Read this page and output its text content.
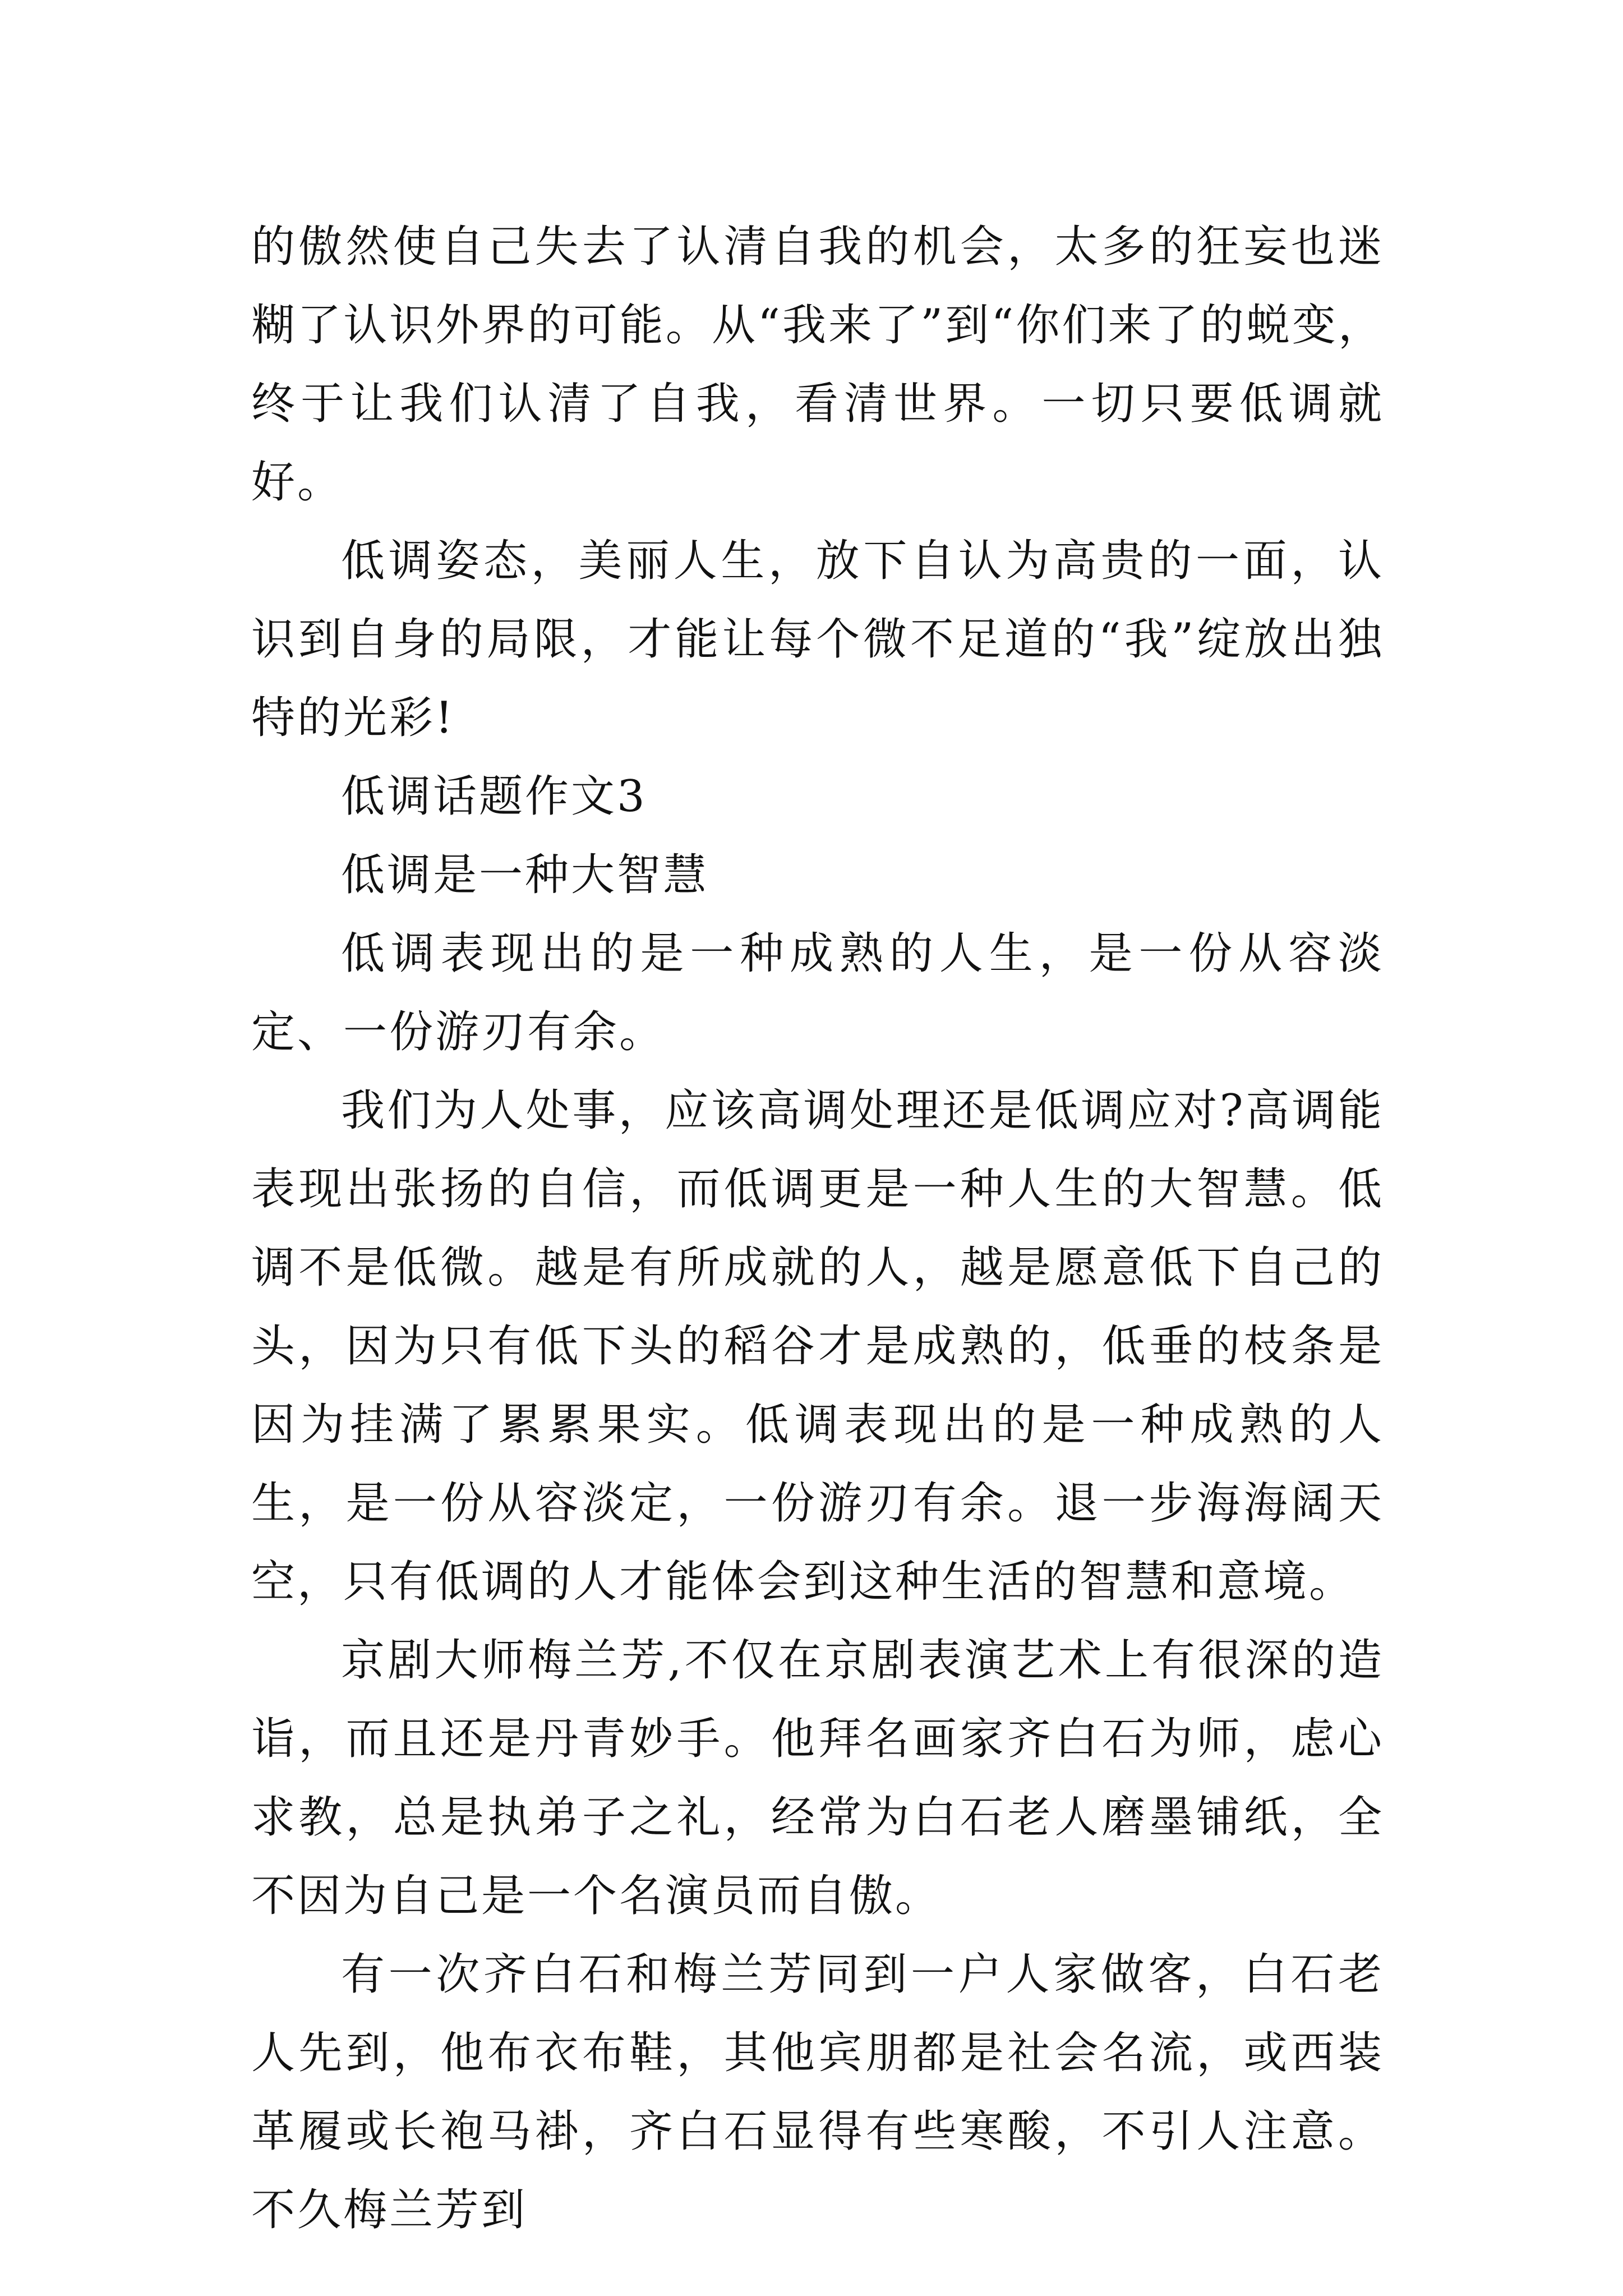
的傲然使自己失去了认清自我的机会，太多的狂妄也迷糊了认识外界的可能。从“我来了”到“你们来了的蜕变，终于让我们认清了自我，看清世界。一切只要低调就好。

低调姿态，美丽人生，放下自认为高贵的一面，认识到自身的局限，才能让每个微不足道的“我”绽放出独特的光彩!

低调话题作文3

低调是一种大智慧

低调表现出的是一种成熟的人生，是一份从容淡定、一份游刃有余。

我们为人处事，应该高调处理还是低调应对?高调能表现出张扬的自信，而低调更是一种人生的大智慧。低调不是低微。越是有所成就的人，越是愿意低下自己的头，因为只有低下头的稻谷才是成熟的，低垂的枝条是因为挂满了累累果实。低调表现出的是一种成熟的人生，是一份从容淡定，一份游刃有余。退一步海海阔天空，只有低调的人才能体会到这种生活的智慧和意境。

京剧大师梅兰芳,不仅在京剧表演艺术上有很深的造诣，而且还是丹青妙手。他拜名画家齐白石为师，虑心求教，总是执弟子之礼，经常为白石老人磨墨铺纸，全不因为自己是一个名演员而自傲。

有一次齐白石和梅兰芳同到一户人家做客，白石老人先到，他布衣布鞋，其他宾朋都是社会名流，或西装革履或长袍马褂，齐白石显得有些寒酸，不引人注意。不久梅兰芳到
